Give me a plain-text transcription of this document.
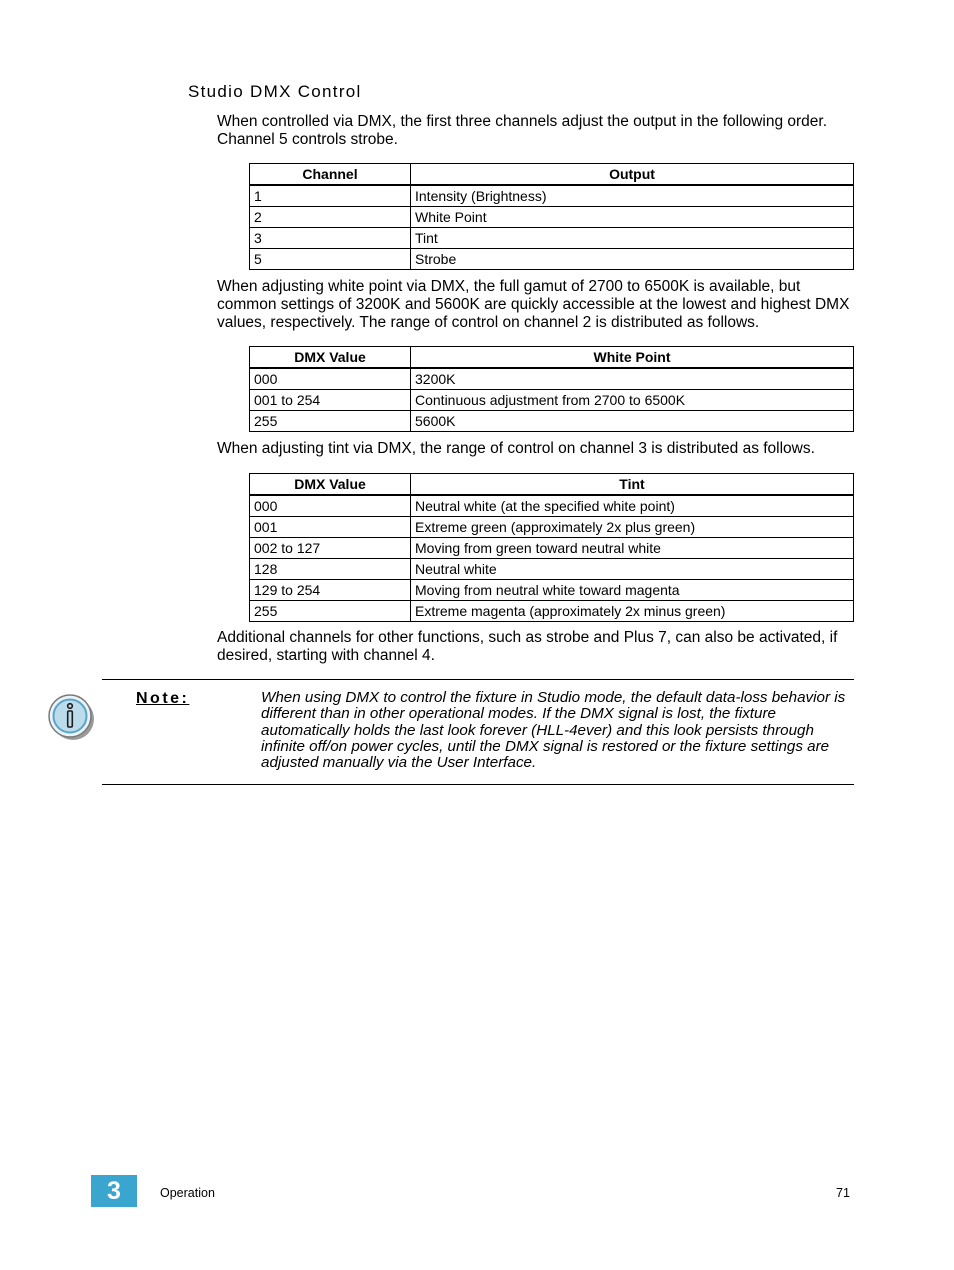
Studio DMX Control

When controlled via DMX, the first three channels adjust the output in the following order. Channel 5 controls strobe.

Channel	Output
1	Intensity (Brightness)
2	White Point
3	Tint
5	Strobe

When adjusting white point via DMX, the full gamut of 2700 to 6500K is available, but common settings of 3200K and 5600K are quickly accessible at the lowest and highest DMX values, respectively. The range of control on channel 2 is distributed as follows.

DMX Value	White Point
000	3200K
001 to 254	Continuous adjustment from 2700 to 6500K
255	5600K

When adjusting tint via DMX, the range of control on channel 3 is distributed as follows.

DMX Value	Tint
000	Neutral white (at the specified white point)
001	Extreme green (approximately 2x plus green)
002 to 127	Moving from green toward neutral white
128	Neutral white
129 to 254	Moving from neutral white toward magenta
255	Extreme magenta (approximately 2x minus green)

Additional channels for other functions, such as strobe and Plus 7, can also be activated, if desired, starting with channel 4.

Note:	When using DMX to control the fixture in Studio mode, the default data-loss behavior is different than in other operational modes. If the DMX signal is lost, the fixture automatically holds the last look forever (HLL-4ever) and this look persists through infinite off/on power cycles, until the DMX signal is restored or the fixture settings are adjusted manually via the User Interface.

3	Operation	71
